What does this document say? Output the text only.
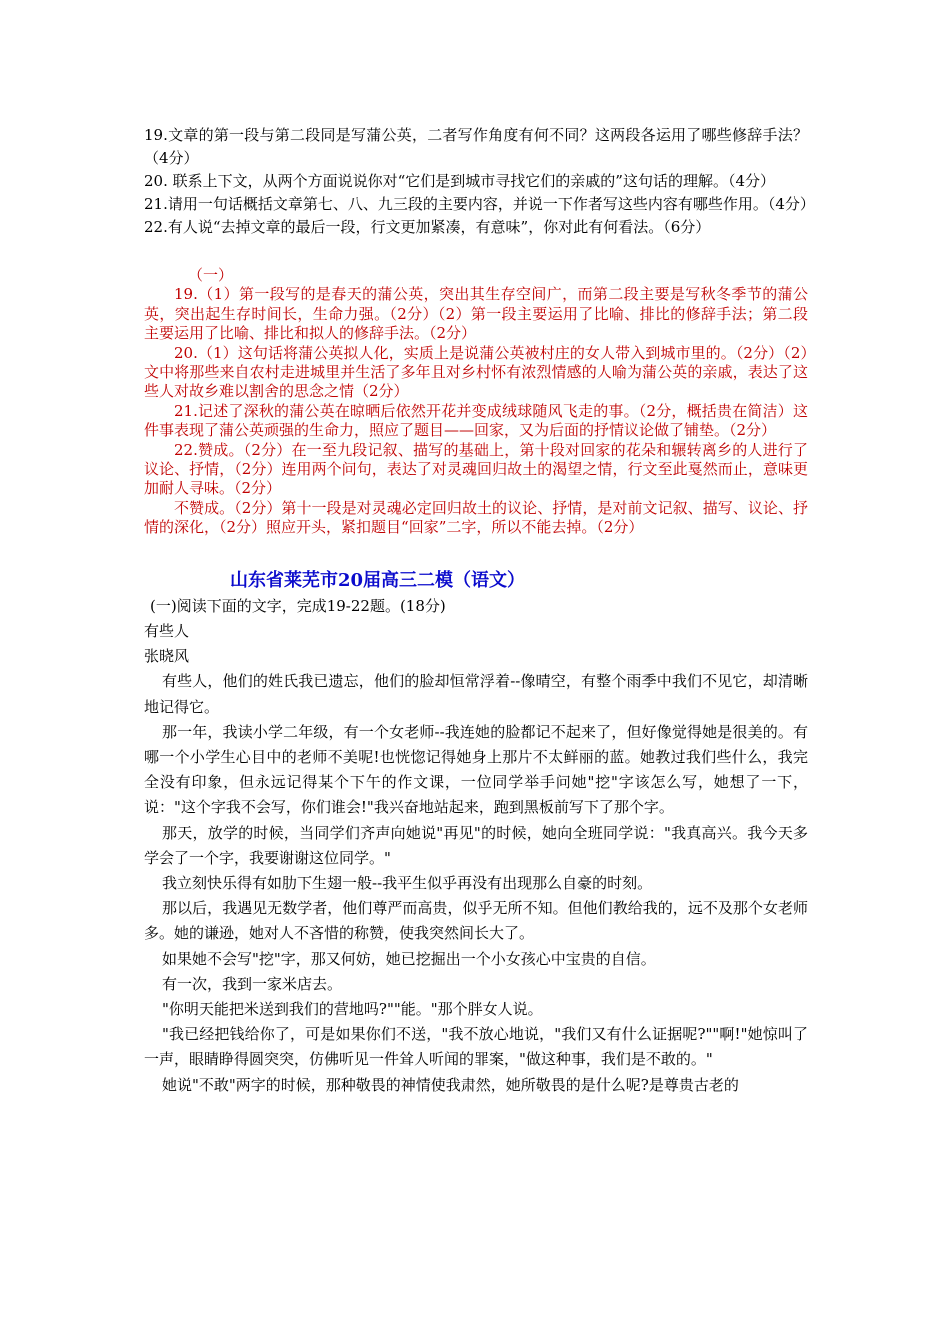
19.文章的第一段与第二段同是写蒲公英，二者写作角度有何不同？这两段各运用了哪些修辞手法？（4分）

20. 联系上下文，从两个方面说说你对“它们是到城市寻找它们的亲戚的”这句话的理解。（4分）

21.请用一句话概括文章第七、八、九三段的主要内容，并说一下作者写这些内容有哪些作用。（4分）

22.有人说“去掉文章的最后一段，行文更加紧凑，有意味”，你对此有何看法。（6分）

（一）

19.（1）第一段写的是春天的蒲公英，突出其生存空间广，而第二段主要是写秋冬季节的蒲公英，突出起生存时间长，生命力强。（2分）（2）第一段主要运用了比喻、排比的修辞手法；第二段主要运用了比喻、排比和拟人的修辞手法。（2分）

20.（1）这句话将蒲公英拟人化，实质上是说蒲公英被村庄的女人带入到城市里的。（2分）（2）文中将那些来自农村走进城里并生活了多年且对乡村怀有浓烈情感的人喻为蒲公英的亲戚，表达了这些人对故乡难以割舍的思念之情（2分）

21.记述了深秋的蒲公英在晾晒后依然开花并变成绒球随风飞走的事。（2分，概括贵在简洁）这件事表现了蒲公英顽强的生命力，照应了题目——回家，又为后面的抒情议论做了铺垫。（2分）

22.赞成。（2分）在一至九段记叙、描写的基础上，第十段对回家的花朵和辗转离乡的人进行了议论、抒情，（2分）连用两个问句，表达了对灵魂回归故土的渴望之情，行文至此戛然而止，意味更加耐人寻味。（2分）

不赞成。（2分）第十一段是对灵魂必定回归故土的议论、抒情，是对前文记叙、描写、议论、抒情的深化，（2分）照应开头，紧扣题目“回家”二字，所以不能去掉。（2分）

山东省莱芜市20届高三二模（语文）

(一)阅读下面的文字，完成19-22题。(18分)

有些人

张晓风

有些人，他们的姓氏我已遗忘，他们的脸却恒常浮着--像晴空，有整个雨季中我们不见它，却清晰地记得它。

那一年，我读小学二年级，有一个女老师--我连她的脸都记不起来了，但好像觉得她是很美的。有哪一个小学生心目中的老师不美呢!也恍惚记得她身上那片不太鲜丽的蓝。她教过我们些什么，我完全没有印象，但永远记得某个下午的作文课，一位同学举手问她"挖"字该怎么写，她想了一下，说："这个字我不会写，你们谁会!"我兴奋地站起来，跑到黑板前写下了那个字。

那天，放学的时候，当同学们齐声向她说"再见"的时候，她向全班同学说："我真高兴。我今天多学会了一个字，我要谢谢这位同学。"

我立刻快乐得有如肋下生翅一般--我平生似乎再没有出现那么自豪的时刻。

那以后，我遇见无数学者，他们尊严而高贵，似乎无所不知。但他们教给我的，远不及那个女老师多。她的谦逊，她对人不吝惜的称赞，使我突然间长大了。

如果她不会写"挖"字，那又何妨，她已挖掘出一个小女孩心中宝贵的自信。

有一次，我到一家米店去。

"你明天能把米送到我们的营地吗?""能。"那个胖女人说。

"我已经把钱给你了，可是如果你们不送，"我不放心地说，"我们又有什么证据呢?""啊!"她惊叫了一声，眼睛睁得圆突突，仿佛听见一件耸人听闻的罪案，"做这种事，我们是不敢的。"

她说"不敢"两字的时候，那种敬畏的神情使我肃然，她所敬畏的是什么呢?是尊贵古老的
